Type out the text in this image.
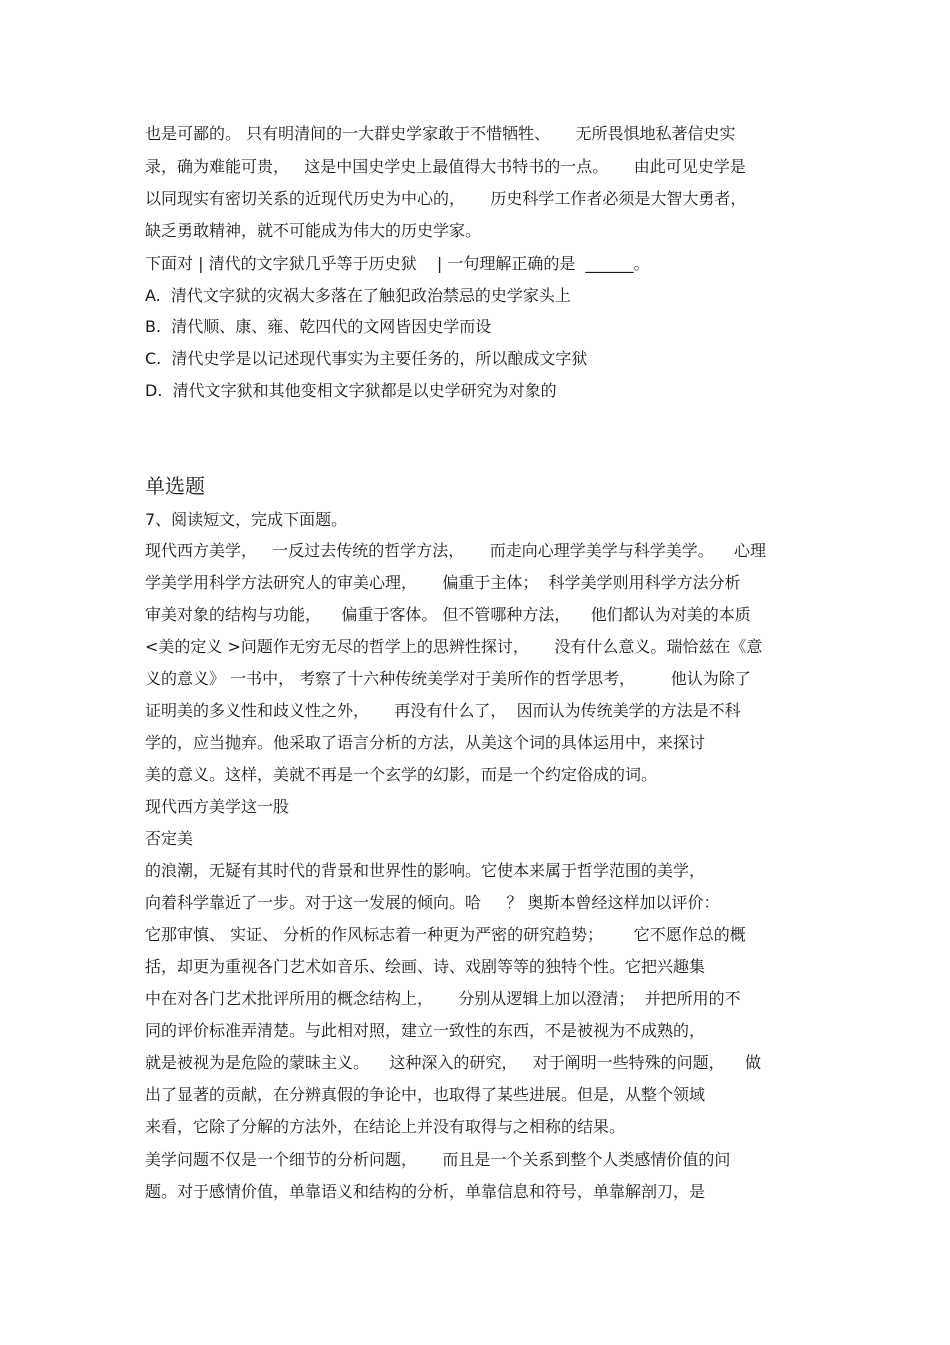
也是可鄙的。 只有明清间的一大群史学家敢于不惜牺牲、     无所畏惧地私著信史实
录，确为难能可贵，   这是中国史学史上最值得大书特书的一点。     由此可见史学是
以同现实有密切关系的近现代历史为中心的，     历史科学工作者必须是大智大勇者，
缺乏勇敢精神，就不可能成为伟大的历史学家。
下面对 | 清代的文字狱几乎等于历史狱    | 一句理解正确的是  ______。
A.  清代文字狱的灾祸大多落在了触犯政治禁忌的史学家头上
B.  清代顺、康、雍、乾四代的文网皆因史学而设
C.  清代史学是以记述现代事实为主要任务的，所以酿成文字狱
D.  清代文字狱和其他变相文字狱都是以史学研究为对象的
单选题
7、阅读短文，完成下面题。
现代西方美学，   一反过去传统的哲学方法，     而走向心理学美学与科学美学。    心理
学美学用科学方法研究人的审美心理，     偏重于主体；  科学美学则用科学方法分析
审美对象的结构与功能，    偏重于客体。 但不管哪种方法，    他们都认为对美的本质
<美的定义 >问题作无穷无尽的哲学上的思辨性探讨，     没有什么意义。瑞恰兹在《意
义的意义》 一书中， 考察了十六种传统美学对于美所作的哲学思考，       他认为除了
证明美的多义性和歧义性之外，     再没有什么了，  因而认为传统美学的方法是不科
学的，应当抛弃。他采取了语言分析的方法，从美这个词的具体运用中，来探讨
美的意义。这样，美就不再是一个玄学的幻影，而是一个约定俗成的词。
现代西方美学这一股
否定美
的浪潮，无疑有其时代的背景和世界性的影响。它使本来属于哲学范围的美学，
向着科学靠近了一步。对于这一发展的倾向。哈     ？ 奥斯本曾经这样加以评价：
它那审慎、 实证、 分析的作风标志着一种更为严密的研究趋势；      它不愿作总的概
括，却更为重视各门艺术如音乐、绘画、诗、戏剧等等的独特个性。它把兴趣集
中在对各门艺术批评所用的概念结构上，     分别从逻辑上加以澄清；  并把所用的不
同的评价标准弄清楚。与此相对照，建立一致性的东西，不是被视为不成熟的，
就是被视为是危险的蒙昧主义。    这种深入的研究，   对于阐明一些特殊的问题，    做
出了显著的贡献，在分辨真假的争论中，也取得了某些进展。但是，从整个领域
来看，它除了分解的方法外，在结论上并没有取得与之相称的结果。
美学问题不仅是一个细节的分析问题，     而且是一个关系到整个人类感情价值的问
题。对于感情价值，单靠语义和结构的分析，单靠信息和符号，单靠解剖刀，是
